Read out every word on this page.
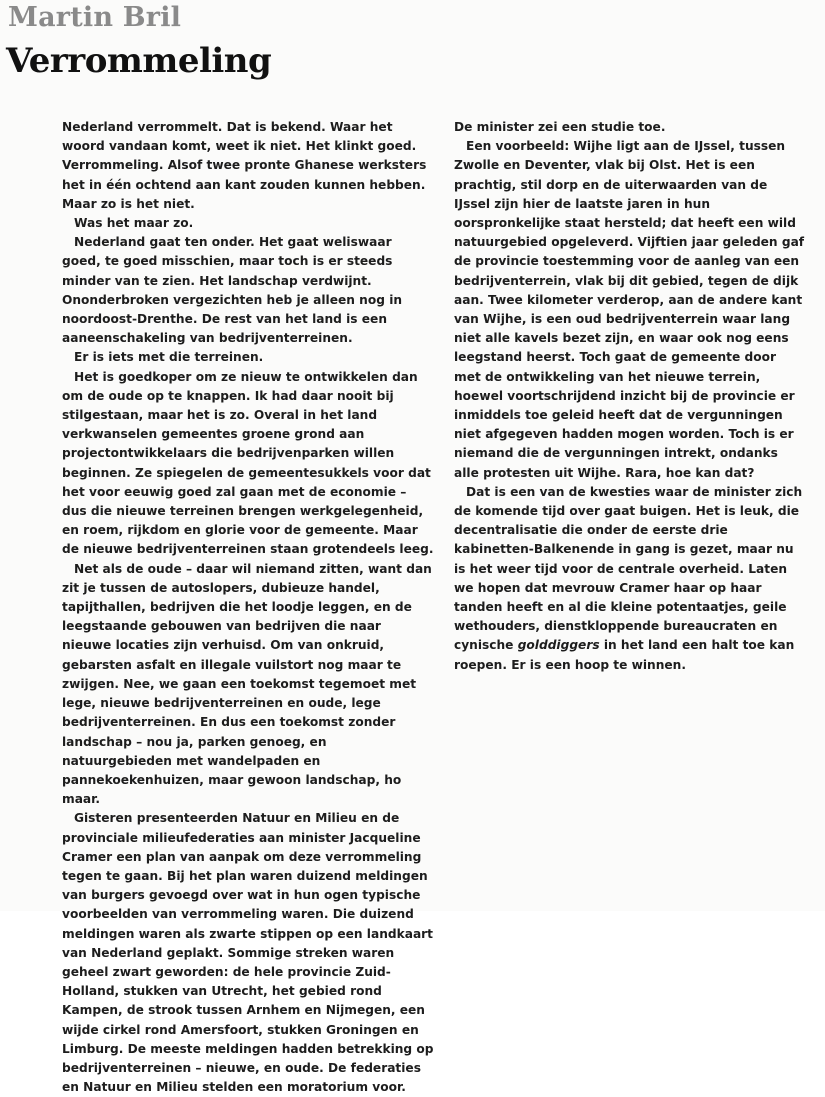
Martin Bril
Verrommeling

Nederland verrommelt. Dat is bekend. Waar het woord vandaan komt, weet ik niet. Het klinkt goed. Verrommeling. Alsof twee pronte Ghanese werksters het in één ochtend aan kant zouden kunnen hebben. Maar zo is het niet.

Was het maar zo.

Nederland gaat ten onder. Het gaat weliswaar goed, te goed misschien, maar toch is er steeds minder van te zien. Het landschap verdwijnt. Ononderbroken vergezichten heb je alleen nog in noordoost-Drenthe. De rest van het land is een aaneenschakeling van bedrijventerreinen.

Er is iets met die terreinen.

Het is goedkoper om ze nieuw te ontwikkelen dan om de oude op te knappen. Ik had daar nooit bij stilgestaan, maar het is zo. Overal in het land verkwanselen gemeentes groene grond aan projectontwikkelaars die bedrijvenparken willen beginnen. Ze spiegelen de gemeentesukkels voor dat het voor eeuwig goed zal gaan met de economie – dus die nieuwe terreinen brengen werkgelegenheid, en roem, rijkdom en glorie voor de gemeente. Maar de nieuwe bedrijventerreinen staan grotendeels leeg.

Net als de oude – daar wil niemand zitten, want dan zit je tussen de autoslopers, dubieuze handel, tapijthallen, bedrijven die het loodje leggen, en de leegstaande gebouwen van bedrijven die naar nieuwe locaties zijn verhuisd. Om van onkruid, gebarsten asfalt en illegale vuilstort nog maar te zwijgen. Nee, we gaan een toekomst tegemoet met lege, nieuwe bedrijventerreinen en oude, lege bedrijventerreinen. En dus een toekomst zonder landschap – nou ja, parken genoeg, en natuurgebieden met wandelpaden en pannekoekenhuizen, maar gewoon landschap, ho maar.

Gisteren presenteerden Natuur en Milieu en de provinciale milieufederaties aan minister Jacqueline Cramer een plan van aanpak om deze verrommeling tegen te gaan. Bij het plan waren duizend meldingen van burgers gevoegd over wat in hun ogen typische voorbeelden van verrommeling waren. Die duizend meldingen waren als zwarte stippen op een landkaart van Nederland geplakt. Sommige streken waren geheel zwart geworden: de hele provincie Zuid-Holland, stukken van Utrecht, het gebied rond Kampen, de strook tussen Arnhem en Nijmegen, een wijde cirkel rond Amersfoort, stukken Groningen en Limburg. De meeste meldingen hadden betrekking op bedrijventerreinen – nieuwe, en oude. De federaties en Natuur en Milieu stelden een moratorium voor.

De minister zei een studie toe.

Een voorbeeld: Wijhe ligt aan de IJssel, tussen Zwolle en Deventer, vlak bij Olst. Het is een prachtig, stil dorp en de uiterwaarden van de IJssel zijn hier de laatste jaren in hun oorspronkelijke staat hersteld; dat heeft een wild natuurgebied opgeleverd. Vijftien jaar geleden gaf de provincie toestemming voor de aanleg van een bedrijventerrein, vlak bij dit gebied, tegen de dijk aan. Twee kilometer verderop, aan de andere kant van Wijhe, is een oud bedrijventerrein waar lang niet alle kavels bezet zijn, en waar ook nog eens leegstand heerst. Toch gaat de gemeente door met de ontwikkeling van het nieuwe terrein, hoewel voortschrijdend inzicht bij de provincie er inmiddels toe geleid heeft dat de vergunningen niet afgegeven hadden mogen worden. Toch is er niemand die de vergunningen intrekt, ondanks alle protesten uit Wijhe. Rara, hoe kan dat?

Dat is een van de kwesties waar de minister zich de komende tijd over gaat buigen. Het is leuk, die decentralisatie die onder de eerste drie kabinetten-Balkenende in gang is gezet, maar nu is het weer tijd voor de centrale overheid. Laten we hopen dat mevrouw Cramer haar op haar tanden heeft en al die kleine potentaatjes, geile wethouders, dienstkloppende bureaucraten en cynische golddiggers in het land een halt toe kan roepen. Er is een hoop te winnen.
